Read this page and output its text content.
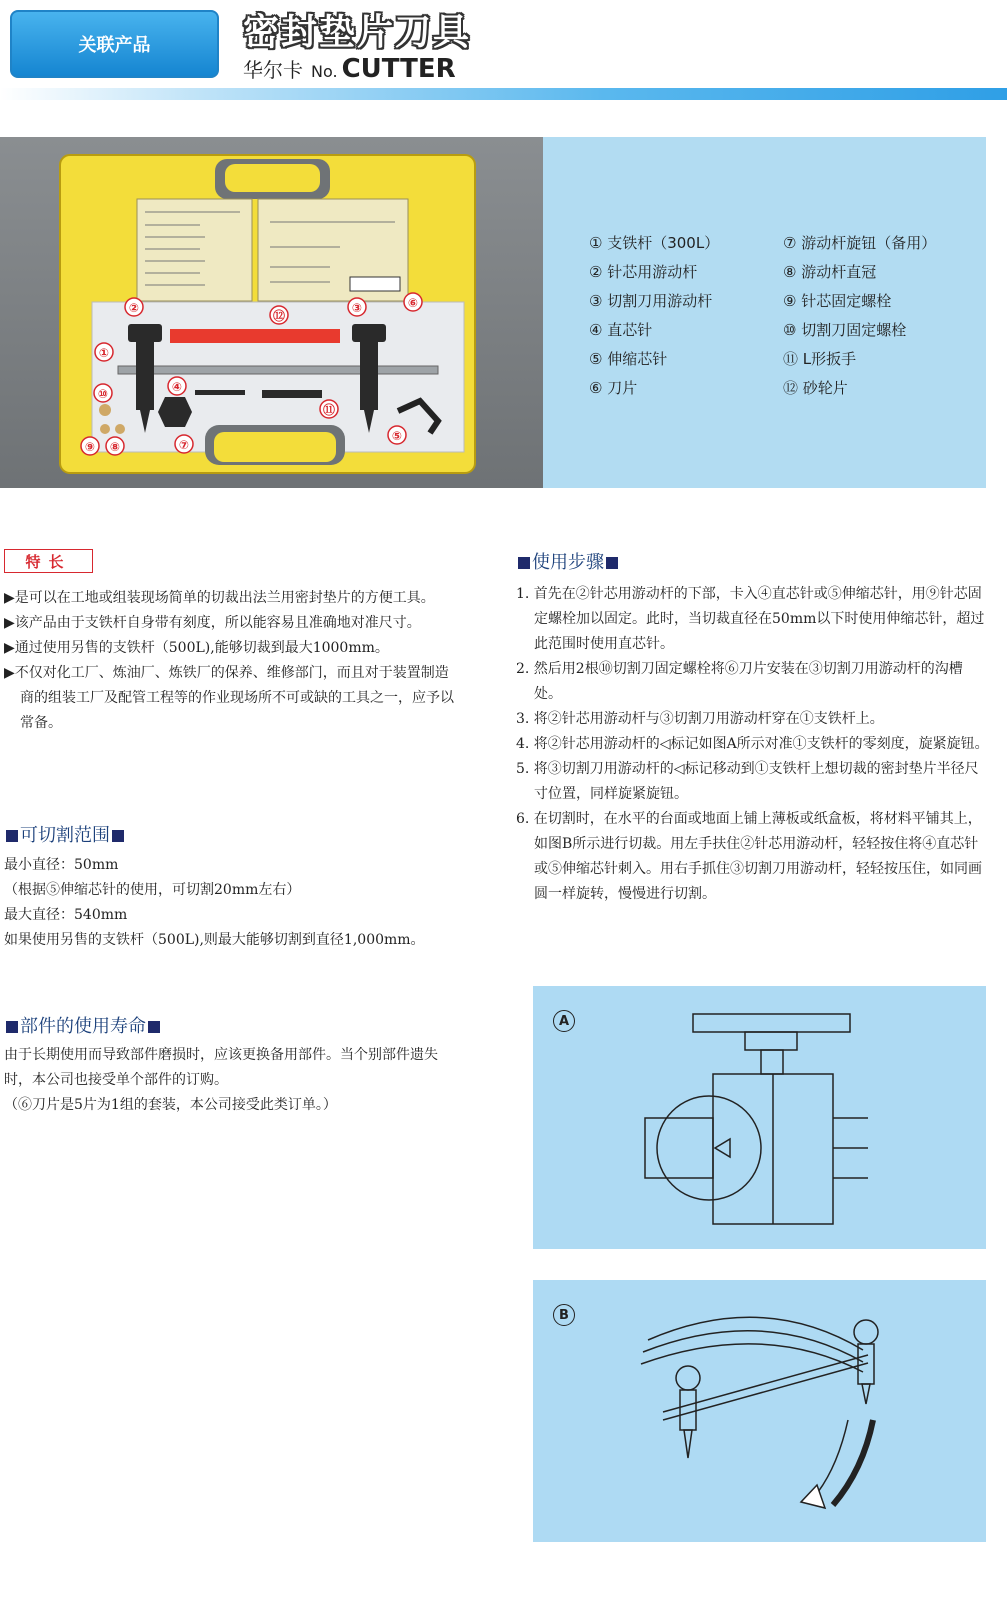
关联产品	密封垫片刀具
华尔卡 No. CUTTER
①
②	③
④
⑤
⑥
⑦
⑧
⑨
⑩
⑪
⑫
① 支铁杆（300L）
② 针芯用游动杆
③ 切割刀用游动杆
④ 直芯针
⑤ 伸缩芯针
⑥ 刀片
⑦ 游动杆旋钮（备用）
⑧ 游动杆直冠
⑨ 针芯固定螺栓
⑩ 切割刀固定螺栓
⑪ L形扳手
⑫ 砂轮片
特长
▶是可以在工地或组装现场简单的切裁出法兰用密封垫片的方便工具。
▶该产品由于支铁杆自身带有刻度，所以能容易且准确地对准尺寸。
▶通过使用另售的支铁杆（500L),能够切裁到最大1000mm。
▶不仅对化工厂、炼油厂、炼铁厂的保养、维修部门，而且对于装置制造商的组装工厂及配管工程等的作业现场所不可或缺的工具之一，应予以常备。
可切割范围
最小直径：50mm
（根据⑤伸缩芯针的使用，可切割20mm左右）
最大直径：540mm
如果使用另售的支铁杆（500L),则最大能够切割到直径1,000mm。
部件的使用寿命
由于长期使用而导致部件磨损时，应该更换备用部件。当个别部件遗失时，本公司也接受单个部件的订购。
（⑥刀片是5片为1组的套装，本公司接受此类订单。）
使用步骤
1. 首先在②针芯用游动杆的下部，卡入④直芯针或⑤伸缩芯针，用⑨针芯固定螺栓加以固定。此时，当切裁直径在50mm以下时使用伸缩芯针，超过此范围时使用直芯针。
2. 然后用2根⑩切割刀固定螺栓将⑥刀片安装在③切割刀用游动杆的沟槽处。
3. 将②针芯用游动杆与③切割刀用游动杆穿在①支铁杆上。
4. 将②针芯用游动杆的◁标记如图A所示对准①支铁杆的零刻度，旋紧旋钮。
5. 将③切割刀用游动杆的◁标记移动到①支铁杆上想切裁的密封垫片半径尺寸位置，同样旋紧旋钮。
6. 在切割时，在水平的台面或地面上铺上薄板或纸盒板，将材料平铺其上，如图B所示进行切裁。用左手扶住②针芯用游动杆，轻轻按住将④直芯针或⑤伸缩芯针刺入。用右手抓住③切割刀用游动杆，轻轻按压住，如同画圆一样旋转，慢慢进行切割。
A
B
